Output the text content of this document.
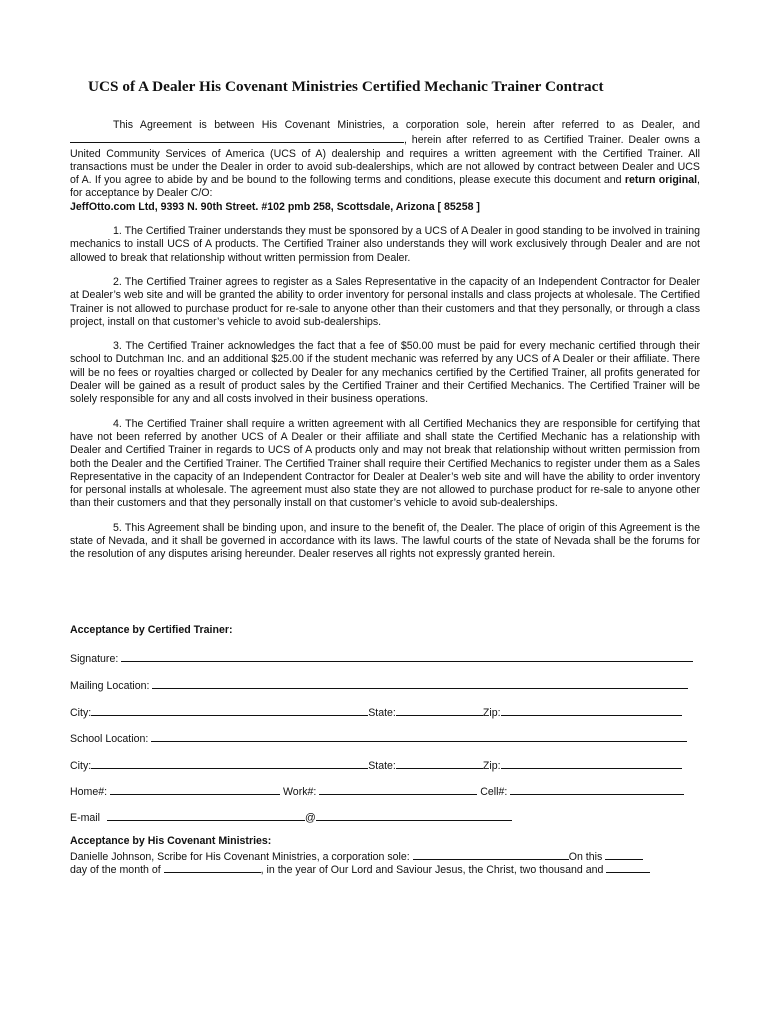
UCS of A Dealer His Covenant Ministries Certified Mechanic Trainer Contract

This Agreement is between His Covenant Ministries, a corporation sole, herein after referred to as Dealer, and , herein after referred to as Certified Trainer. Dealer owns a United Community Services of America (UCS of A) dealership and requires a written agreement with the Certified Trainer. All transactions must be under the Dealer in order to avoid sub-dealerships, which are not allowed by contract between Dealer and UCS of A. If you agree to abide by and be bound to the following terms and conditions, please execute this document and return original, for acceptance by Dealer C/O:
JeffOtto.com Ltd, 9393 N. 90th Street. #102 pmb 258, Scottsdale, Arizona [ 85258 ]

1. The Certified Trainer understands they must be sponsored by a UCS of A Dealer in good standing to be involved in training mechanics to install UCS of A products. The Certified Trainer also understands they will work exclusively through Dealer and are not allowed to break that relationship without written permission from Dealer.

2. The Certified Trainer agrees to register as a Sales Representative in the capacity of an Independent Contractor for Dealer at Dealer’s web site and will be granted the ability to order inventory for personal installs and class projects at wholesale. The Certified Trainer is not allowed to purchase product for re-sale to anyone other than their customers and that they personally, or through a class project, install on that customer’s vehicle to avoid sub-dealerships.

3. The Certified Trainer acknowledges the fact that a fee of $50.00 must be paid for every mechanic certified through their school to Dutchman Inc. and an additional $25.00 if the student mechanic was referred by any UCS of A Dealer or their affiliate. There will be no fees or royalties charged or collected by Dealer for any mechanics certified by the Certified Trainer, all profits generated for Dealer will be gained as a result of product sales by the Certified Trainer and their Certified Mechanics. The Certified Trainer will be solely responsible for any and all costs involved in their business operations.

4. The Certified Trainer shall require a written agreement with all Certified Mechanics they are responsible for certifying that have not been referred by another UCS of A Dealer or their affiliate and shall state the Certified Mechanic has a relationship with Dealer and Certified Trainer in regards to UCS of A products only and may not break that relationship without written permission from both the Dealer and the Certified Trainer. The Certified Trainer shall require their Certified Mechanics to register under them as a Sales Representative in the capacity of an Independent Contractor for Dealer at Dealer’s web site and will have the ability to order inventory for personal installs at wholesale. The agreement must also state they are not allowed to purchase product for re-sale to anyone other than their customers and that they personally install on that customer’s vehicle to avoid sub-dealerships.

5. This Agreement shall be binding upon, and insure to the benefit of, the Dealer. The place of origin of this Agreement is the state of Nevada, and it shall be governed in accordance with its laws. The lawful courts of the state of Nevada shall be the forums for the resolution of any disputes arising hereunder. Dealer reserves all rights not expressly granted herein.

Acceptance by Certified Trainer:
Signature:
Mailing Location:
City:	State:	Zip:
School Location:
City:	State:	Zip:
Home#:	Work#:	Cell#:
E-mail	@
Acceptance by His Covenant Ministries:
Danielle Johnson, Scribe for His Covenant Ministries, a corporation sole:	On this
day of the month of	, in the year of Our Lord and Saviour Jesus, the Christ, two thousand and
